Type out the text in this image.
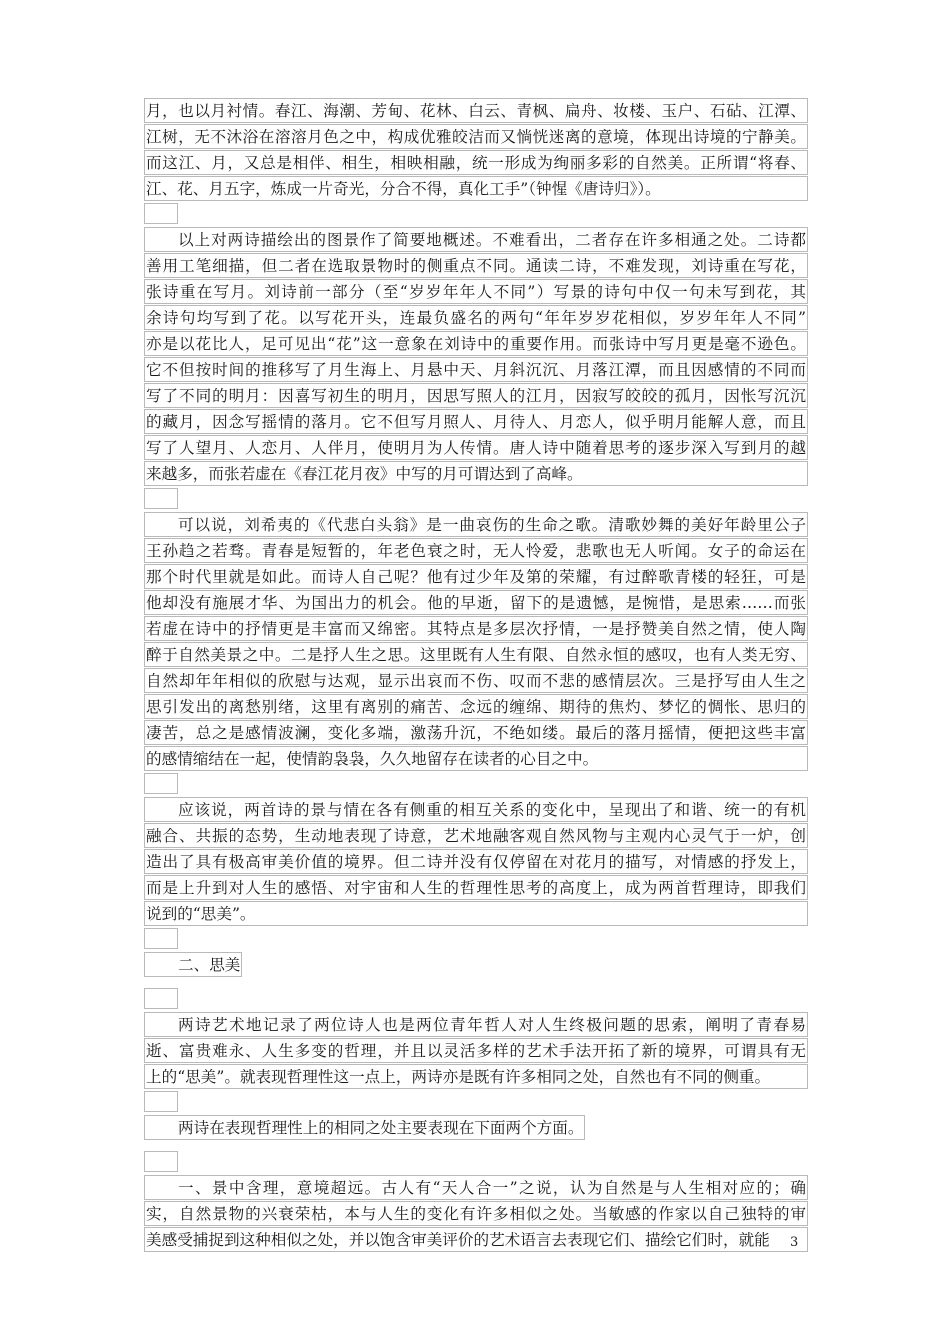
月，也以月衬情。春江、海潮、芳甸、花林、白云、青枫、扁舟、妆楼、玉户、石砧、江潭、
江树，无不沐浴在溶溶月色之中，构成优雅皎洁而又惝恍迷离的意境，体现出诗境的宁静美。
而这江、月，又总是相伴、相生，相映相融，统一形成为绚丽多彩的自然美。正所谓“将春、
江、花、月五字，炼成一片奇光，分合不得，真化工手”（钟惺《唐诗归》）。
以上对两诗描绘出的图景作了简要地概述。不难看出，二者存在许多相通之处。二诗都
善用工笔细描，但二者在选取景物时的侧重点不同。通读二诗，不难发现，刘诗重在写花，
张诗重在写月。刘诗前一部分（至“岁岁年年人不同”）写景的诗句中仅一句未写到花，其
余诗句均写到了花。以写花开头，连最负盛名的两句“年年岁岁花相似，岁岁年年人不同”
亦是以花比人，足可见出“花”这一意象在刘诗中的重要作用。而张诗中写月更是毫不逊色。
它不但按时间的推移写了月生海上、月悬中天、月斜沉沉、月落江潭，而且因感情的不同而
写了不同的明月：因喜写初生的明月，因思写照人的江月，因寂写皎皎的孤月，因怅写沉沉
的藏月，因念写摇情的落月。它不但写月照人、月待人、月恋人，似乎明月能解人意，而且
写了人望月、人恋月、人伴月，使明月为人传情。唐人诗中随着思考的逐步深入写到月的越
来越多，而张若虚在《春江花月夜》中写的月可谓达到了高峰。
可以说，刘希夷的《代悲白头翁》是一曲哀伤的生命之歌。清歌妙舞的美好年龄里公子
王孙趋之若骛。青春是短暂的，年老色衰之时，无人怜爱，悲歌也无人听闻。女子的命运在
那个时代里就是如此。而诗人自己呢？他有过少年及第的荣耀，有过醉歌青楼的轻狂，可是
他却没有施展才华、为国出力的机会。他的早逝，留下的是遗憾，是惋惜，是思索……而张
若虚在诗中的抒情更是丰富而又绵密。其特点是多层次抒情，一是抒赞美自然之情，使人陶
醉于自然美景之中。二是抒人生之思。这里既有人生有限、自然永恒的感叹，也有人类无穷、
自然却年年相似的欣慰与达观，显示出哀而不伤、叹而不悲的感情层次。三是抒写由人生之
思引发出的离愁别绪，这里有离别的痛苦、念远的缠绵、期待的焦灼、梦忆的惆怅、思归的
凄苦，总之是感情波澜，变化多端，激荡升沉，不绝如缕。最后的落月摇情，便把这些丰富
的感情缩结在一起，使情韵袅袅，久久地留存在读者的心目之中。
应该说，两首诗的景与情在各有侧重的相互关系的变化中，呈现出了和谐、统一的有机
融合、共振的态势，生动地表现了诗意，艺术地融客观自然风物与主观内心灵气于一炉，创
造出了具有极高审美价值的境界。但二诗并没有仅停留在对花月的描写，对情感的抒发上，
而是上升到对人生的感悟、对宇宙和人生的哲理性思考的高度上，成为两首哲理诗，即我们
说到的“思美”。
二、思美
两诗艺术地记录了两位诗人也是两位青年哲人对人生终极问题的思索，阐明了青春易
逝、富贵难永、人生多变的哲理，并且以灵活多样的艺术手法开拓了新的境界，可谓具有无
上的“思美”。就表现哲理性这一点上，两诗亦是既有许多相同之处，自然也有不同的侧重。
两诗在表现哲理性上的相同之处主要表现在下面两个方面。
一、景中含理，意境超远。古人有“天人合一”之说，认为自然是与人生相对应的；确
实，自然景物的兴衰荣枯，本与人生的变化有许多相似之处。当敏感的作家以自己独特的审
美感受捕捉到这种相似之处，并以饱含审美评价的艺术语言去表现它们、描绘它们时，就能	3
